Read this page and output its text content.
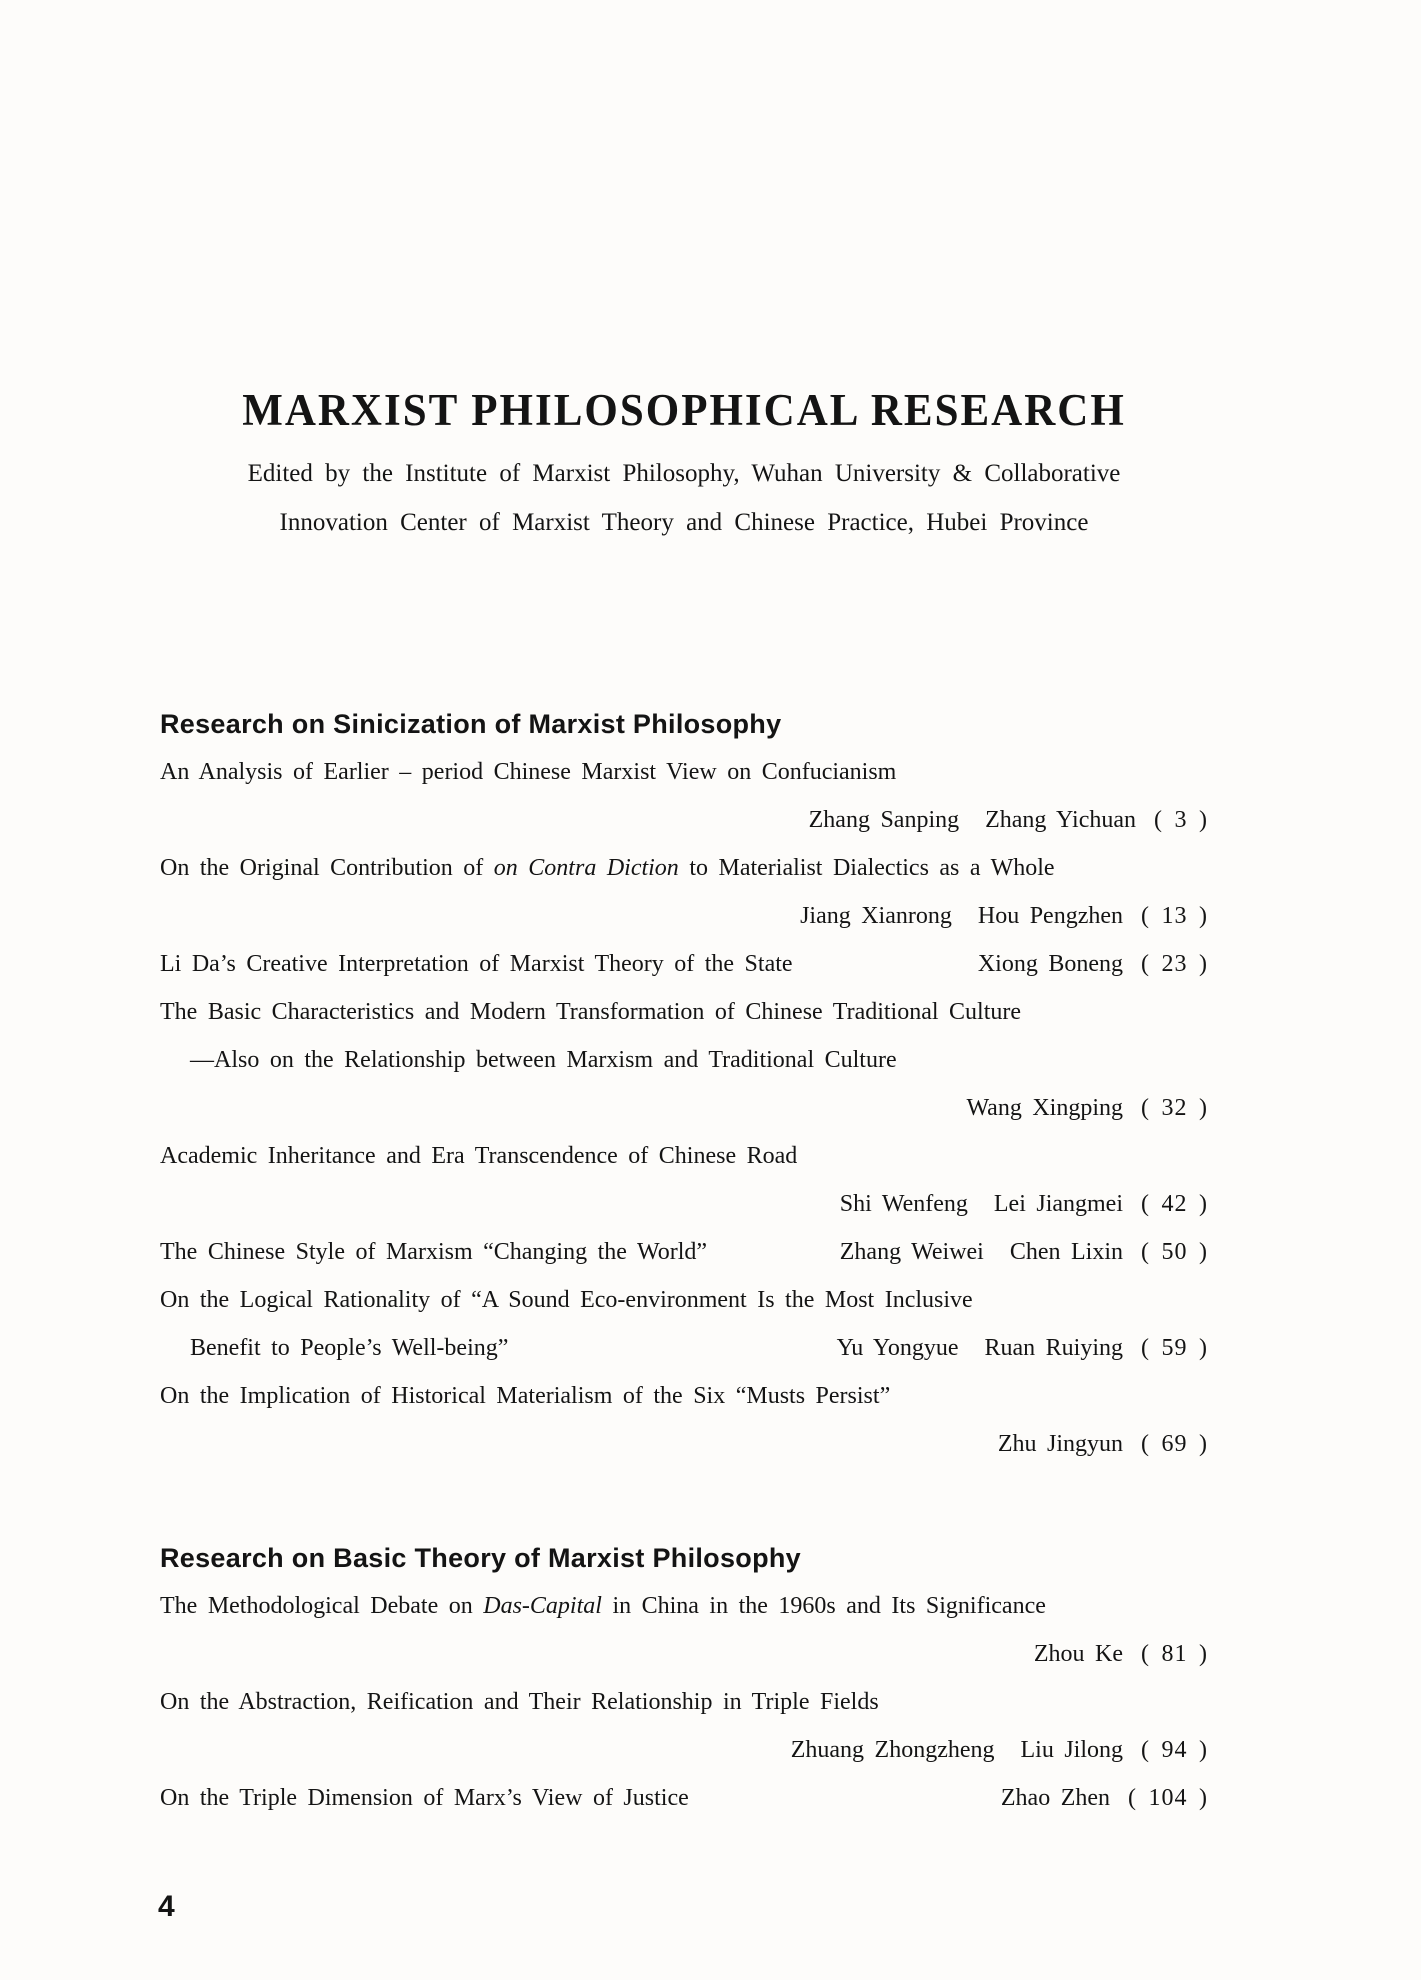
MARXIST PHILOSOPHICAL RESEARCH
Edited by the Institute of Marxist Philosophy, Wuhan University & Collaborative
Innovation Center of Marxist Theory and Chinese Practice, Hubei Province
Research on Sinicization of Marxist Philosophy
An Analysis of Earlier – period Chinese Marxist View on Confucianism
Zhang Sanping Zhang Yichuan ( 3 )
On the Original Contribution of on Contra Diction to Materialist Dialectics as a Whole
Jiang Xianrong Hou Pengzhen ( 13 )
Li Da’s Creative Interpretation of Marxist Theory of the State	Xiong Boneng ( 23 )
The Basic Characteristics and Modern Transformation of Chinese Traditional Culture
—Also on the Relationship between Marxism and Traditional Culture
Wang Xingping ( 32 )
Academic Inheritance and Era Transcendence of Chinese Road
Shi Wenfeng Lei Jiangmei ( 42 )
The Chinese Style of Marxism “Changing the World”	Zhang Weiwei Chen Lixin ( 50 )
On the Logical Rationality of “A Sound Eco-environment Is the Most Inclusive
Benefit to People’s Well-being”	Yu Yongyue Ruan Ruiying ( 59 )
On the Implication of Historical Materialism of the Six “Musts Persist”
Zhu Jingyun ( 69 )
Research on Basic Theory of Marxist Philosophy
The Methodological Debate on Das-Capital in China in the 1960s and Its Significance
Zhou Ke ( 81 )
On the Abstraction, Reification and Their Relationship in Triple Fields
Zhuang Zhongzheng Liu Jilong ( 94 )
On the Triple Dimension of Marx’s View of Justice	Zhao Zhen ( 104 )
4
